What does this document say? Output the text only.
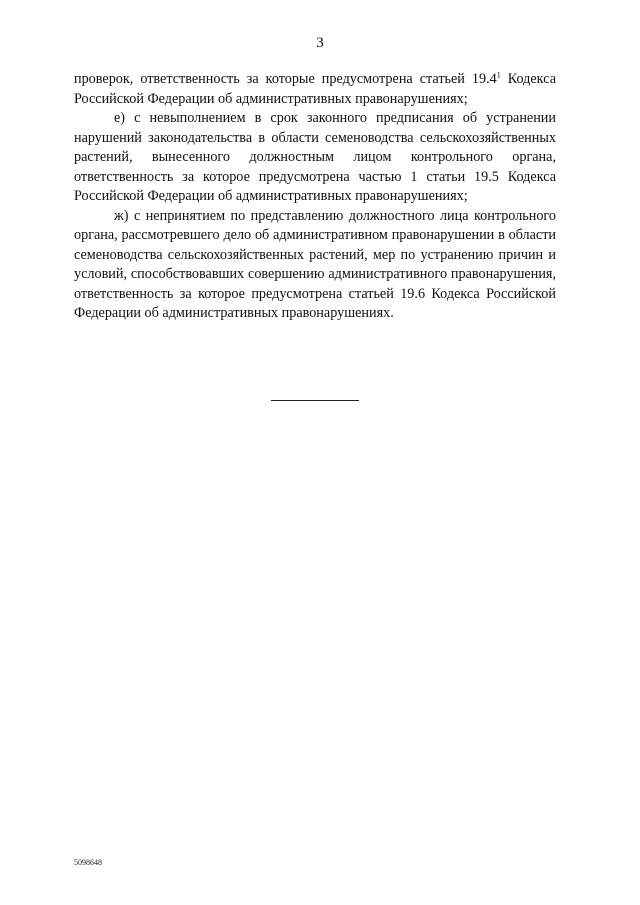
3

проверок, ответственность за которые предусмотрена статьей 19.4$^1$ Кодекса Российской Федерации об административных правонарушениях;

е) с невыполнением в срок законного предписания об устранении нарушений законодательства в области семеноводства сельскохозяйственных растений, вынесенного должностным лицом контрольного органа, ответственность за которое предусмотрена частью 1 статьи 19.5 Кодекса Российской Федерации об административных правонарушениях;

ж) с непринятием по представлению должностного лица контрольного органа, рассмотревшего дело об административном правонарушении в области семеноводства сельскохозяйственных растений, мер по устранению причин и условий, способствовавших совершению административного правонарушения, ответственность за которое предусмотрена статьей 19.6 Кодекса Российской Федерации об административных правонарушениях.

5098648
